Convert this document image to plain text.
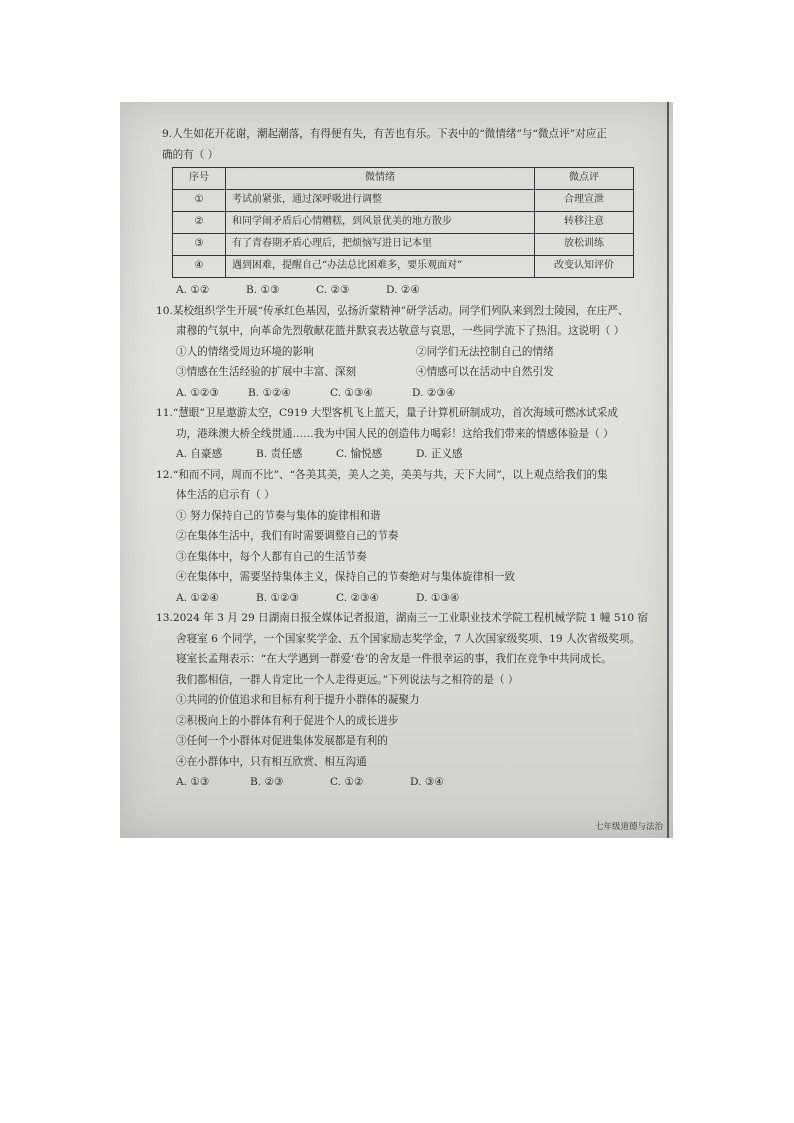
9.人生如花开花谢，潮起潮落，有得便有失，有苦也有乐。下表中的“微情绪”与“微点评”对应正
确的有（ ）
序号	微情绪	微点评
①	考试前紧张，通过深呼吸进行调整	合理宣泄
②	和同学闹矛盾后心情糟糕，到风景优美的地方散步	转移注意
③	有了青春期矛盾心理后，把烦恼写进日记本里	放松训练
④	遇到困难，提醒自己“办法总比困难多，要乐观面对”	改变认知评价
A. ①②	B. ①③	C. ②③	D. ②④
10.某校组织学生开展“传承红色基因，弘扬沂蒙精神”研学活动。同学们列队来到烈士陵园，在庄严、
肃穆的气氛中，向革命先烈敬献花篮并默哀表达敬意与哀思，一些同学流下了热泪。这说明（ ）
①人的情绪受周边环境的影响	②同学们无法控制自己的情绪
③情感在生活经验的扩展中丰富、深刻	④情感可以在活动中自然引发
A. ①②③	B. ①②④	C. ①③④	D. ②③④
11.“慧眼”卫星遨游太空，C919 大型客机飞上蓝天，量子计算机研制成功，首次海域可燃冰试采成
功，港珠澳大桥全线贯通……我为中国人民的创造伟力喝彩！这给我们带来的情感体验是（ ）
A. 自豪感	B. 责任感	C. 愉悦感	D. 正义感
12.“和而不同，周而不比”、“各美其美，美人之美，美美与共，天下大同”，以上观点给我们的集
体生活的启示有（ ）
① 努力保持自己的节奏与集体的旋律相和谐
②在集体生活中，我们有时需要调整自己的节奏
③在集体中，每个人都有自己的生活节奏
④在集体中，需要坚持集体主义，保持自己的节奏绝对与集体旋律相一致
A. ①②④	B. ①②③	C. ②③④	D. ①③④
13.2024 年 3 月 29 日湖南日报全媒体记者报道，湖南三一工业职业技术学院工程机械学院 1 幢 510 宿
舍寝室 6 个同学，一个国家奖学金、五个国家励志奖学金，7 人次国家级奖项、19 人次省级奖项。
寝室长孟翔表示：“在大学遇到一群爱‘卷’的舍友是一件很幸运的事，我们在竞争中共同成长。
我们都相信，一群人肯定比一个人走得更远。”下列说法与之相符的是（ ）
①共同的价值追求和目标有利于提升小群体的凝聚力
②积极向上的小群体有利于促进个人的成长进步
③任何一个小群体对促进集体发展都是有利的
④在小群体中，只有相互欣赏、相互沟通
A. ①③	B. ②③	C. ①②	D. ③④
七年级道德与法治
